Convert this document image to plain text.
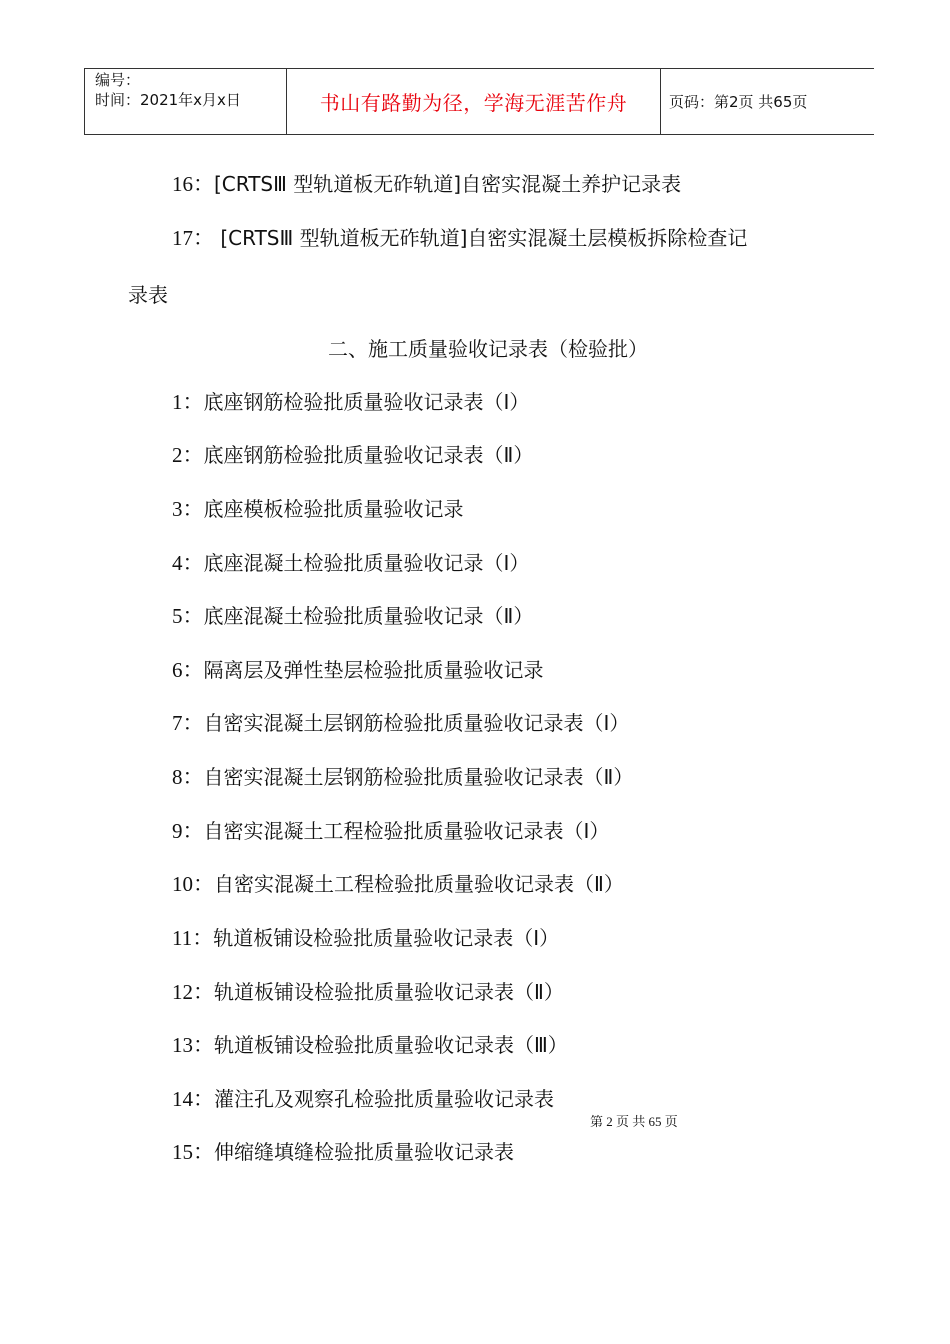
编号：
时间：2021年x月x日	书山有路勤为径，学海无涯苦作舟	页码：第2页 共65页
16：[CRTSⅢ 型轨道板无砟轨道]自密实混凝土养护记录表
17： [CRTSⅢ 型轨道板无砟轨道]自密实混凝土层模板拆除检查记
录表
二、施工质量验收记录表（检验批）
1：底座钢筋检验批质量验收记录表（Ⅰ）
2：底座钢筋检验批质量验收记录表（Ⅱ）
3：底座模板检验批质量验收记录
4：底座混凝土检验批质量验收记录（Ⅰ）
5：底座混凝土检验批质量验收记录（Ⅱ）
6：隔离层及弹性垫层检验批质量验收记录
7：自密实混凝土层钢筋检验批质量验收记录表（Ⅰ）
8：自密实混凝土层钢筋检验批质量验收记录表（Ⅱ）
9：自密实混凝土工程检验批质量验收记录表（Ⅰ）
10：自密实混凝土工程检验批质量验收记录表（Ⅱ）
11：轨道板铺设检验批质量验收记录表（Ⅰ）
12：轨道板铺设检验批质量验收记录表（Ⅱ）
13：轨道板铺设检验批质量验收记录表（Ⅲ）
14：灌注孔及观察孔检验批质量验收记录表
第 2 页 共 65 页
15：伸缩缝填缝检验批质量验收记录表
